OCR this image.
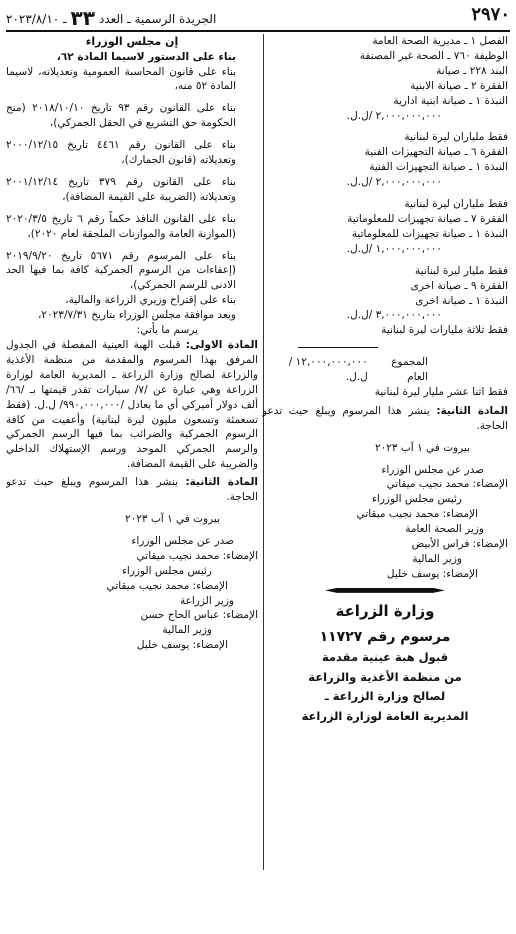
٢٩٧٠
الجريدة الرسمية ـ العدد
٣٣
ـ ٢٠٢٣/٨/١٠

الفصل ١ ـ مديرية الصحة العامة

الوظيفة ٧٦٠ ـ الصحة غير المصنفة

البند ٢٢٨ ـ صيانة

الفقرة ٢ ـ صيانة الابنية

النبذة ١ ـ صيانة ابنية ادارية

٢,٠٠٠,٠٠٠,٠٠٠ /ل.ل.

فقط ملياران ليرة لبنانية

الفقرة ٦ ـ صيانة التجهيزات الفنية

النبذة ١ ـ صيانة التجهيزات الفنية

٢,٠٠٠,٠٠٠,٠٠٠ /ل.ل.

فقط ملياران ليرة لبنانية

الفقرة ٧ ـ صيانة تجهيزات للمعلوماتية

النبذة ١ ـ صيانة تجهيزات للمعلوماتية

١,٠٠٠,٠٠٠,٠٠٠ /ل.ل.

فقط مليار ليرة لبنانية

الفقرة ٩ ـ صيانة اخرى

النبذة ١ ـ صيانة اخرى

٣,٠٠٠,٠٠٠,٠٠٠ /ل.ل.

فقط ثلاثة مليارات ليرة لبنانية

المجموع العام
١٢,٠٠٠,٠٠٠,٠٠٠ /ل.ل.

فقط اثنا عشر مليار ليرة لبنانية

المادة الثانية: ينشر هذا المرسوم ويبلغ حيث تدعو الحاجة.

بيروت في ١ آب ٢٠٢٣

صدر عن مجلس الوزراء

الإمضاء: محمد نجيب ميقاتي

رئيس مجلس الوزراء

الإمضاء: محمد نجيب ميقاتي

وزير الصحة العامة

الإمضاء: فراس الأبيض

وزير المالية

الإمضاء: يوسف خليل

وزارة الزراعة

مرسوم رقم ١١٧٢٧

قبول هبة عينية مقدمة

من منظمة الأغذية والزراعة

لصالح وزارة الزراعة ـ

المديرية العامة لوزارة الزراعة

إن مجلس الوزراء

بناء على الدستور لاسيما المادة ٦٢،

بناء على قانون المحاسبة العمومية وتعديلاته، لاسيما المادة ٥٢ منه،

بناء على القانون رقم ٩٣ تاريخ ٢٠١٨/١٠/١٠ (منح الحكومة حق التشريع في الحقل الجمركي)،

بناء على القانون رقم ٤٤٦١ تاريخ ٢٠٠٠/١٢/١٥ وتعديلاته (قانون الجمارك)،

بناء على القانون رقم ٣٧٩ تاريخ ٢٠٠١/١٢/١٤ وتعديلاته (الضريبة على القيمة المضافة)،

بناء على القانون النافذ حكماً رقم ٦ تاريخ ٢٠٢٠/٣/٥ (الموازنة العامة والموازنات الملحقة لعام ٢٠٢٠)،

بناء على المرسوم رقم ٥٦٧١ تاريخ ٢٠١٩/٩/٢٠ (إعفاءات من الرسوم الجمركية كافة بما فيها الحد الادنى للرسم الجمركي)،

بناء على إقتراح وزيري الزراعة والمالية،

وبعد موافقة مجلس الوزراء بتاريخ ٢٠٢٣/٧/٣١،

يرسم ما يأتي:

المادة الاولى: قبلت الهبة العينية المفصلة في الجدول المرفق بهذا المرسوم والمقدمة من منظمة الأغذية والزراعة لصالح وزارة الزراعة ـ المديرية العامة لوزارة الزراعة وهي عبارة عن /٧/ سيارات تقدر قيمتها بـ /٦٦/ ألف دولار أميركي أي ما يعادل /٩٩٠,٠٠٠,٠٠٠/ ل.ل. (فقط تسعمئة وتسعون مليون ليرة لبنانية) وأعفيت من كافة الرسوم الجمركية والضرائب بما فيها الرسم الجمركي والرسم الجمركي الموحد ورسم الإستهلاك الداخلي والضريبة على القيمة المضافة.

المادة الثانية: ينشر هذا المرسوم ويبلغ حيث تدعو الحاجة.

بيروت في ١ آب ٢٠٢٣

صدر عن مجلس الوزراء

الإمضاء: محمد نجيب ميقاتي

رئيس مجلس الوزراء

الإمضاء: محمد نجيب ميقاتي

وزير الزراعة

الإمضاء: عباس الحاج حسن

وزير المالية

الإمضاء: يوسف خليل
